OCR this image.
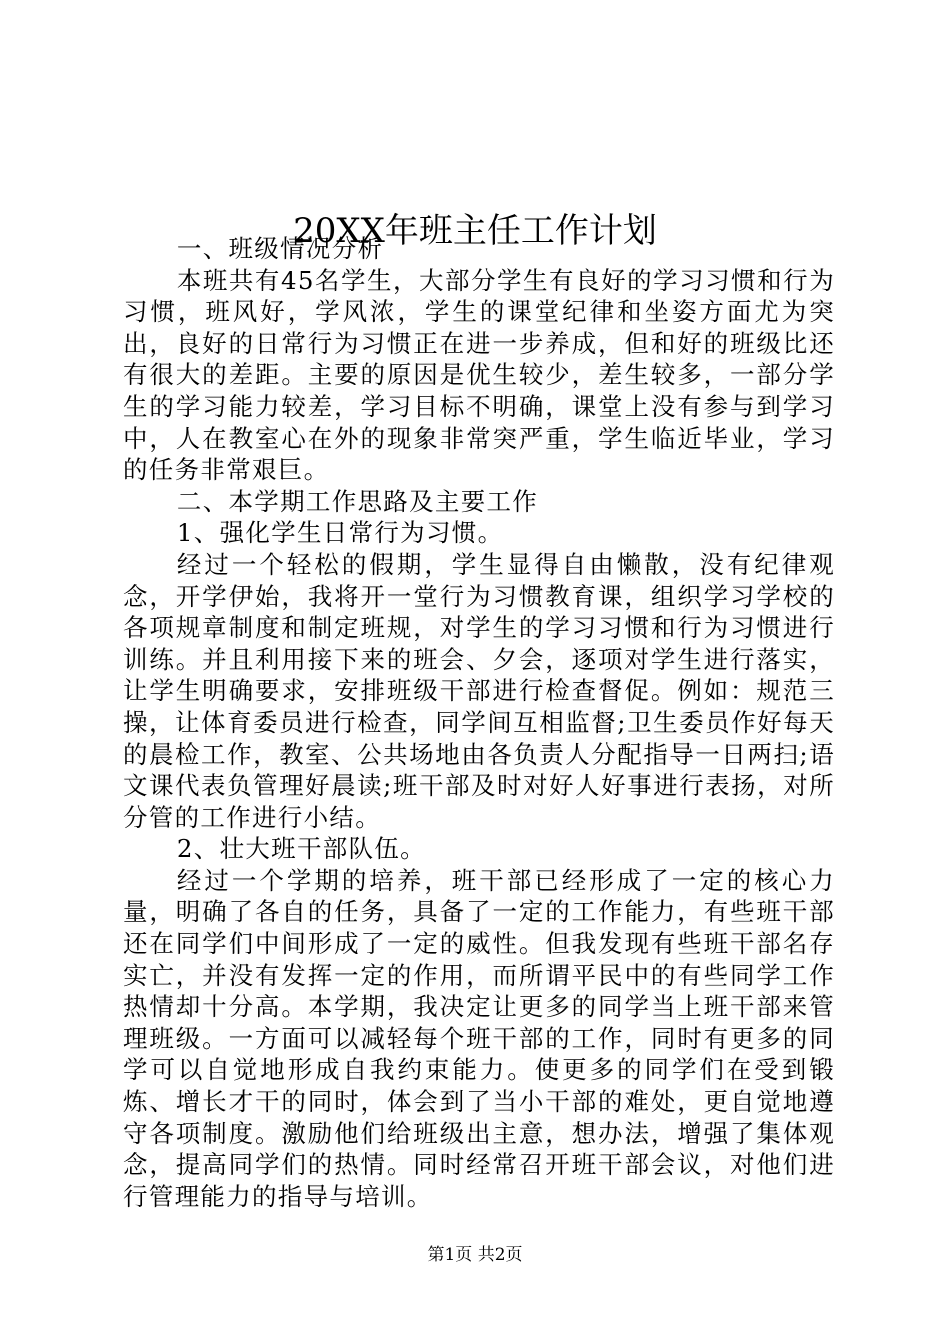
20XX年班主任工作计划

一、班级情况分析

本班共有45名学生，大部分学生有良好的学习习惯和行为习惯，班风好，学风浓，学生的课堂纪律和坐姿方面尤为突出，良好的日常行为习惯正在进一步养成，但和好的班级比还有很大的差距。主要的原因是优生较少，差生较多，一部分学生的学习能力较差，学习目标不明确，课堂上没有参与到学习中，人在教室心在外的现象非常突严重，学生临近毕业，学习的任务非常艰巨。

二、本学期工作思路及主要工作

1、强化学生日常行为习惯。

经过一个轻松的假期，学生显得自由懒散，没有纪律观念，开学伊始，我将开一堂行为习惯教育课，组织学习学校的各项规章制度和制定班规，对学生的学习习惯和行为习惯进行训练。并且利用接下来的班会、夕会，逐项对学生进行落实，让学生明确要求，安排班级干部进行检查督促。例如：规范三操，让体育委员进行检查，同学间互相监督;卫生委员作好每天的晨检工作，教室、公共场地由各负责人分配指导一日两扫;语文课代表负管理好晨读;班干部及时对好人好事进行表扬，对所分管的工作进行小结。

2、壮大班干部队伍。

经过一个学期的培养，班干部已经形成了一定的核心力量，明确了各自的任务，具备了一定的工作能力，有些班干部还在同学们中间形成了一定的威性。但我发现有些班干部名存实亡，并没有发挥一定的作用，而所谓平民中的有些同学工作热情却十分高。本学期，我决定让更多的同学当上班干部来管理班级。一方面可以减轻每个班干部的工作，同时有更多的同学可以自觉地形成自我约束能力。使更多的同学们在受到锻炼、增长才干的同时，体会到了当小干部的难处，更自觉地遵守各项制度。激励他们给班级出主意，想办法，增强了集体观念，提高同学们的热情。同时经常召开班干部会议，对他们进行管理能力的指导与培训。

第1页 共2页
